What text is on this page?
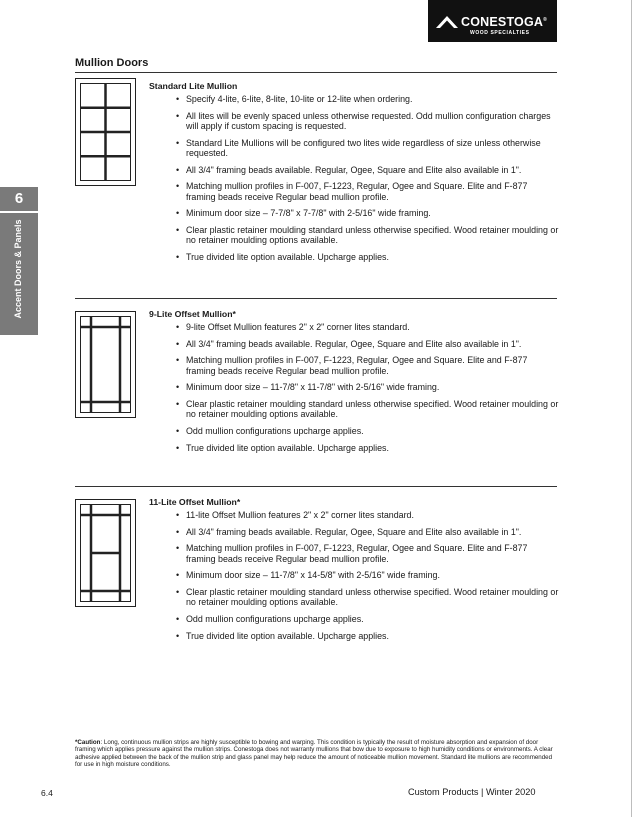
CONESTOGA®
WOOD SPECIALTIES
Mullion Doors
6
Accent Doors & Panels
Standard Lite Mullion
• Specify 4-lite, 6-lite, 8-lite, 10-lite or 12-lite when ordering.
• All lites will be evenly spaced unless otherwise requested. Odd mullion configuration charges will apply if custom spacing is requested.
• Standard Lite Mullions will be configured two lites wide regardless of size unless otherwise requested.
• All 3/4" framing beads available. Regular, Ogee, Square and Elite also available in 1".
• Matching mullion profiles in F-007, F-1223, Regular, Ogee and Square. Elite and F-877 framing beads receive Regular bead mullion profile.
• Minimum door size – 7-7/8" x 7-7/8" with 2-5/16" wide framing.
• Clear plastic retainer moulding standard unless otherwise specified. Wood retainer moulding or no retainer moulding options available.
• True divided lite option available. Upcharge applies.
9-Lite Offset Mullion*
• 9-lite Offset Mullion features 2" x 2" corner lites standard.
• All 3/4" framing beads available. Regular, Ogee, Square and Elite also available in 1".
• Matching mullion profiles in F-007, F-1223, Regular, Ogee and Square. Elite and F-877 framing beads receive Regular bead mullion profile.
• Minimum door size – 11-7/8" x 11-7/8" with 2-5/16" wide framing.
• Clear plastic retainer moulding standard unless otherwise specified. Wood retainer moulding or no retainer moulding options available.
• Odd mullion configurations upcharge applies.
• True divided lite option available. Upcharge applies.
11-Lite Offset Mullion*
• 11-lite Offset Mullion features 2" x 2" corner lites standard.
• All 3/4" framing beads available. Regular, Ogee, Square and Elite also available in 1".
• Matching mullion profiles in F-007, F-1223, Regular, Ogee and Square. Elite and F-877 framing beads receive Regular bead mullion profile.
• Minimum door size – 11-7/8" x 14-5/8" with 2-5/16" wide framing.
• Clear plastic retainer moulding standard unless otherwise specified. Wood retainer moulding or no retainer moulding options available.
• Odd mullion configurations upcharge applies.
• True divided lite option available. Upcharge applies.
*Caution: Long, continuous mullion strips are highly susceptible to bowing and warping. This condition is typically the result of moisture absorption and expansion of door framing which applies pressure against the mullion strips. Conestoga does not warranty mullions that bow due to exposure to high humidity conditions or environments. A clear adhesive applied between the back of the mullion strip and glass panel may help reduce the amount of noticeable mullion movement. Standard lite mullions are recommended for use in high moisture conditions.
6.4	Custom Products | Winter 2020
